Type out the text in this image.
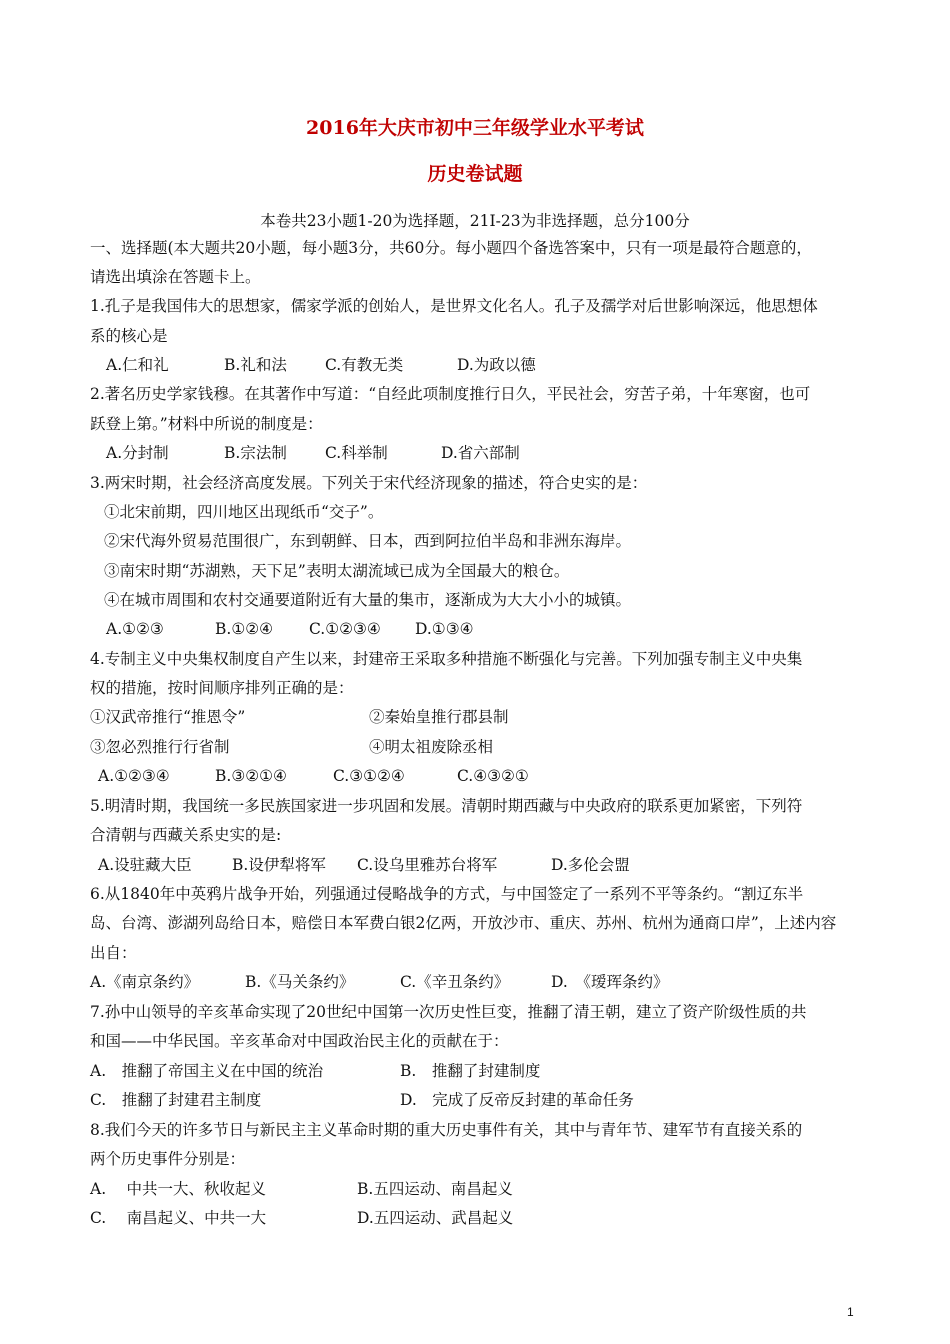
2016年大庆市初中三年级学业水平考试
历史卷试题
本卷共23小题1-20为选择题，21I-23为非选择题，总分100分
一、选择题(本大题共20小题，每小题3分，共60分。每小题四个备选答案中，只有一项是最符合题意的，
请选出填涂在答题卡上。
1.孔子是我国伟大的思想家，儒家学派的创始人，是世界文化名人。孔子及孺学对后世影响深远，他思想体
系的核心是
A.仁和礼	B.礼和法 C.有教无类	D.为政以德
2.著名历史学家钱穆。在其著作中写道：“自经此项制度推行日久，平民社会，穷苦子弟，十年寒窗，也可
跃登上第。”材料中所说的制度是：
A.分封制	B.宗法制 C.科举制	D.省六部制
3.两宋时期，社会经济高度发展。下列关于宋代经济现象的描述，符合史实的是：
①北宋前期，四川地区出现纸币“交子”。
②宋代海外贸易范围很广，东到朝鲜、日本，西到阿拉伯半岛和非洲东海岸。
③南宋时期“苏湖熟，天下足”表明太湖流域已成为全国最大的粮仓。
④在城市周围和农村交通要道附近有大量的集市，逐渐成为大大小小的城镇。
A.①②③	B.①②④ C.①②③④ D.①③④
4.专制主义中央集权制度自产生以来，封建帝王采取多种措施不断强化与完善。下列加强专制主义中央集
权的措施，按时间顺序排列正确的是：
①汉武帝推行“推恩令”	②秦始皇推行郡县制
③忽必烈推行行省制	④明太祖废除丞相
A.①②③④	B.③②①④	C.③①②④	C.④③②①
5.明清时期，我国统一多民族国家进一步巩固和发展。清朝时期西藏与中央政府的联系更加紧密，下列符
合清朝与西藏关系史实的是:
A.设驻藏大臣	B.设伊犁将军 C.设乌里雅苏台将军	D.多伦会盟
6.从1840年中英鸦片战争开始，列强通过侵略战争的方式，与中国签定了一系列不平等条约。“割辽东半
岛、台湾、澎湖列岛给日本，赔偿日本军费白银2亿两，开放沙市、重庆、苏州、杭州为通商口岸”，上述内容
出自：
A.《南京条约》	B.《马关条约》	C.《辛丑条约》	D.　《瑷珲条约》
7.孙中山领导的辛亥革命实现了20世纪中国第一次历史性巨变，推翻了清王朝，建立了资产阶级性质的共
和国——中华民国。辛亥革命对中国政治民主化的贡献在于：
A.　推翻了帝国主义在中国的统治	B.　推翻了封建制度
C.　推翻了封建君主制度	D.　完成了反帝反封建的革命任务
8.我们今天的许多节日与新民主主义革命时期的重大历史事件有关，其中与青年节、建军节有直接关系的
两个历史事件分别是：
A.　 中共一大、秋收起义	B.五四运动、南昌起义
C.　 南昌起义、中共一大	D.五四运动、武昌起义
1
